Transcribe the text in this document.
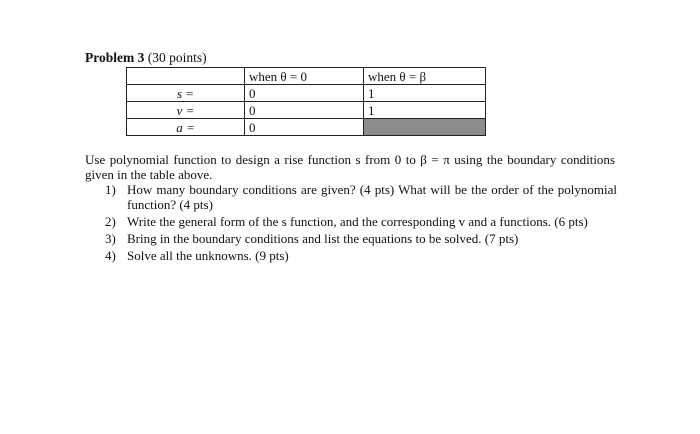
Problem 3 (30 points)
	when θ = 0	when θ = β
s =	0	1
v =	0	1
a =	0	
Use polynomial function to design a rise function s from 0 to β = π using the boundary conditions given in the table above.
1) How many boundary conditions are given? (4 pts) What will be the order of the polynomial function? (4 pts)
2) Write the general form of the s function, and the corresponding v and a functions. (6 pts)
3) Bring in the boundary conditions and list the equations to be solved. (7 pts)
4) Solve all the unknowns. (9 pts)
